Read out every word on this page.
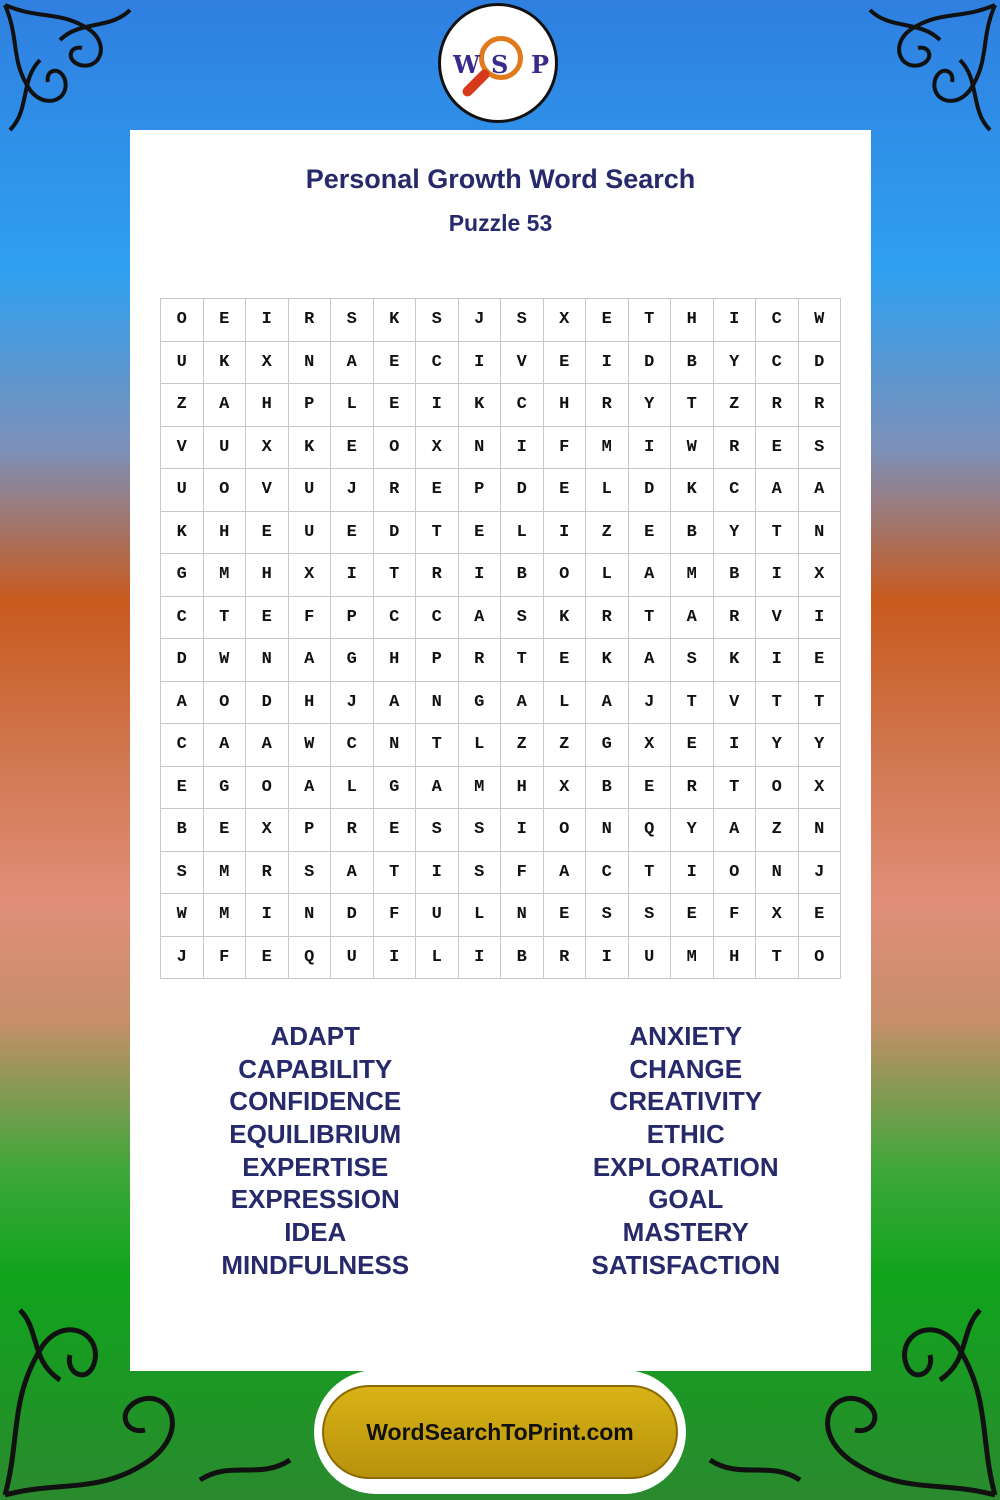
W S P
Personal Growth Word Search
Puzzle 53
O	E	I	R	S	K	S	J	S	X	E	T	H	I	C	W
U	K	X	N	A	E	C	I	V	E	I	D	B	Y	C	D
Z	A	H	P	L	E	I	K	C	H	R	Y	T	Z	R	R
V	U	X	K	E	O	X	N	I	F	M	I	W	R	E	S
U	O	V	U	J	R	E	P	D	E	L	D	K	C	A	A
K	H	E	U	E	D	T	E	L	I	Z	E	B	Y	T	N
G	M	H	X	I	T	R	I	B	O	L	A	M	B	I	X
C	T	E	F	P	C	C	A	S	K	R	T	A	R	V	I
D	W	N	A	G	H	P	R	T	E	K	A	S	K	I	E
A	O	D	H	J	A	N	G	A	L	A	J	T	V	T	T
C	A	A	W	C	N	T	L	Z	Z	G	X	E	I	Y	Y
E	G	O	A	L	G	A	M	H	X	B	E	R	T	O	X
B	E	X	P	R	E	S	S	I	O	N	Q	Y	A	Z	N
S	M	R	S	A	T	I	S	F	A	C	T	I	O	N	J
W	M	I	N	D	F	U	L	N	E	S	S	E	F	X	E
J	F	E	Q	U	I	L	I	B	R	I	U	M	H	T	O
ADAPT
CAPABILITY
CONFIDENCE
EQUILIBRIUM
EXPERTISE
EXPRESSION
IDEA
MINDFULNESS
ANXIETY
CHANGE
CREATIVITY
ETHIC
EXPLORATION
GOAL
MASTERY
SATISFACTION
WordSearchToPrint.com
